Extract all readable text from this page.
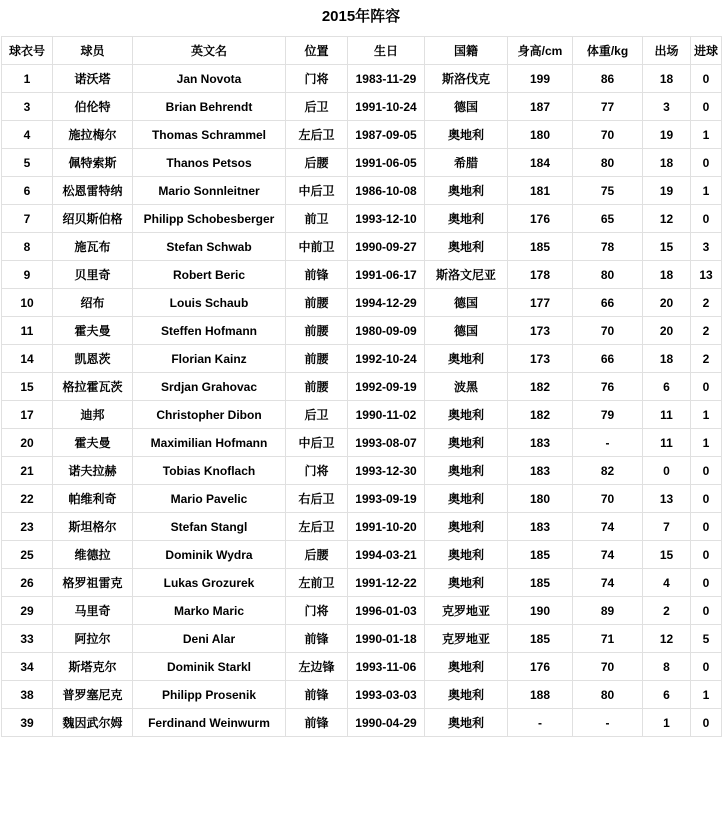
2015年阵容
球衣号	球员	英文名	位置	生日	国籍	身高/cm	体重/kg	出场	进球
1	诺沃塔	Jan Novota	门将	1983-11-29	斯洛伐克	199	86	18	0
3	伯伦特	Brian Behrendt	后卫	1991-10-24	德国	187	77	3	0
4	施拉梅尔	Thomas Schrammel	左后卫	1987-09-05	奥地利	180	70	19	1
5	佩特索斯	Thanos Petsos	后腰	1991-06-05	希腊	184	80	18	0
6	松恩雷特纳	Mario Sonnleitner	中后卫	1986-10-08	奥地利	181	75	19	1
7	绍贝斯伯格	Philipp Schobesberger	前卫	1993-12-10	奥地利	176	65	12	0
8	施瓦布	Stefan Schwab	中前卫	1990-09-27	奥地利	185	78	15	3
9	贝里奇	Robert Beric	前锋	1991-06-17	斯洛文尼亚	178	80	18	13
10	绍布	Louis Schaub	前腰	1994-12-29	德国	177	66	20	2
11	霍夫曼	Steffen Hofmann	前腰	1980-09-09	德国	173	70	20	2
14	凯恩茨	Florian Kainz	前腰	1992-10-24	奥地利	173	66	18	2
15	格拉霍瓦茨	Srdjan Grahovac	前腰	1992-09-19	波黑	182	76	6	0
17	迪邦	Christopher Dibon	后卫	1990-11-02	奥地利	182	79	11	1
20	霍夫曼	Maximilian Hofmann	中后卫	1993-08-07	奥地利	183	-	11	1
21	诺夫拉赫	Tobias Knoflach	门将	1993-12-30	奥地利	183	82	0	0
22	帕维利奇	Mario Pavelic	右后卫	1993-09-19	奥地利	180	70	13	0
23	斯坦格尔	Stefan Stangl	左后卫	1991-10-20	奥地利	183	74	7	0
25	维德拉	Dominik Wydra	后腰	1994-03-21	奥地利	185	74	15	0
26	格罗祖雷克	Lukas Grozurek	左前卫	1991-12-22	奥地利	185	74	4	0
29	马里奇	Marko Maric	门将	1996-01-03	克罗地亚	190	89	2	0
33	阿拉尔	Deni Alar	前锋	1990-01-18	克罗地亚	185	71	12	5
34	斯塔克尔	Dominik Starkl	左边锋	1993-11-06	奥地利	176	70	8	0
38	普罗塞尼克	Philipp Prosenik	前锋	1993-03-03	奥地利	188	80	6	1
39	魏因武尔姆	Ferdinand Weinwurm	前锋	1990-04-29	奥地利	-	-	1	0
